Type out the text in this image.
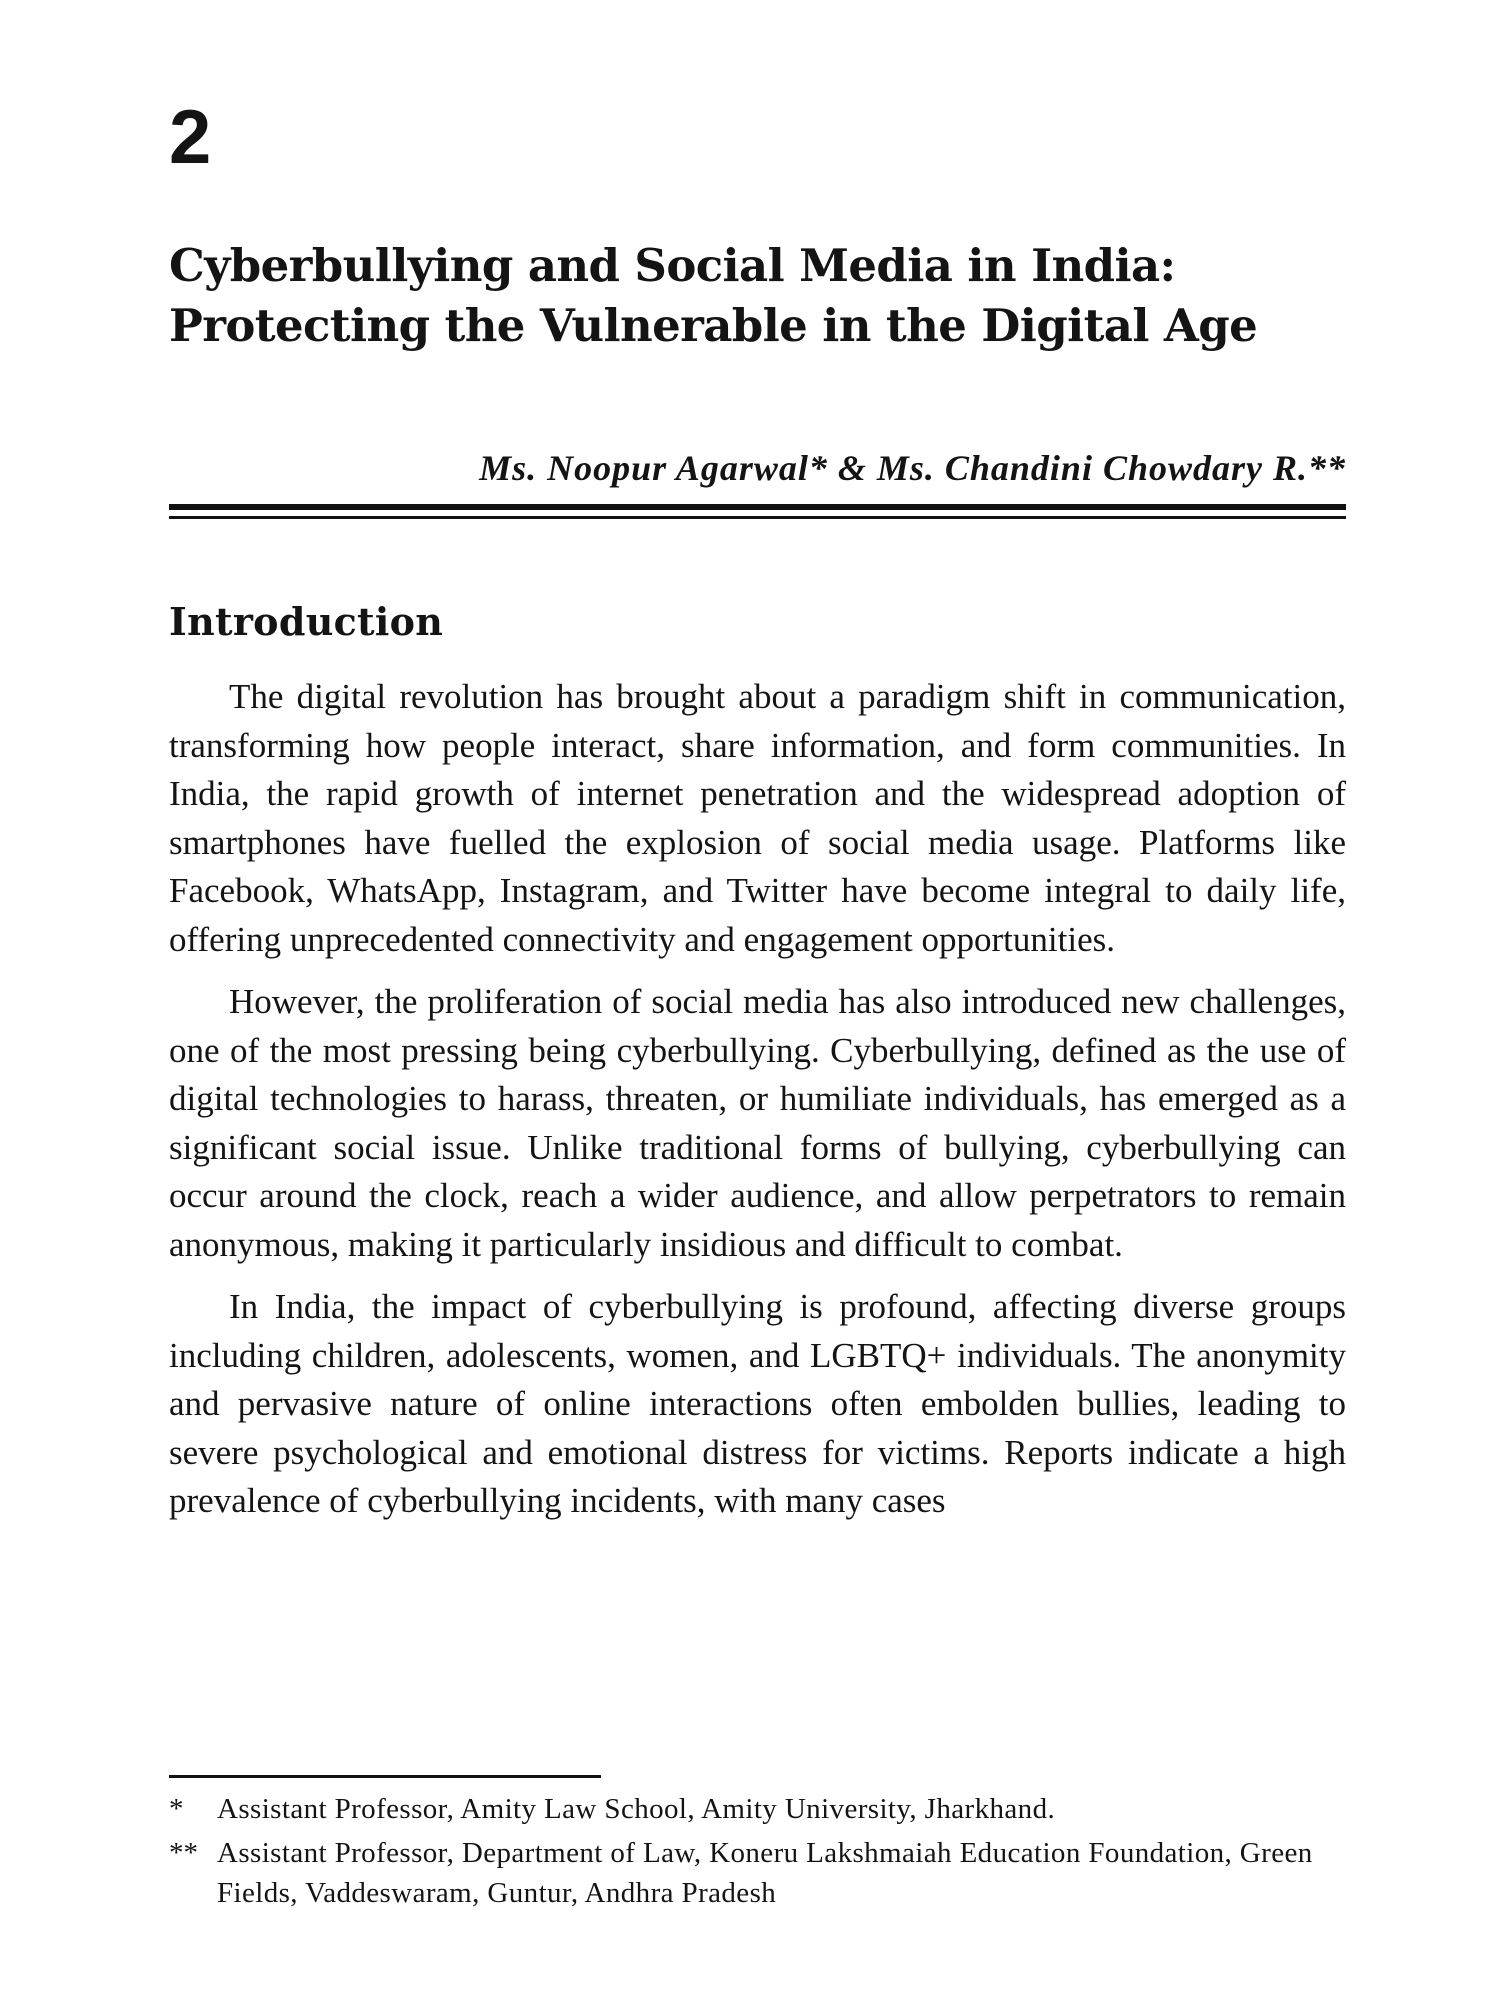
2
Cyberbullying and Social Media in India: Protecting the Vulnerable in the Digital Age

Ms. Noopur Agarwal* & Ms. Chandini Chowdary R.**

Introduction

The digital revolution has brought about a paradigm shift in communication, transforming how people interact, share information, and form communities. In India, the rapid growth of internet penetration and the widespread adoption of smartphones have fuelled the explosion of social media usage. Platforms like Facebook, WhatsApp, Instagram, and Twitter have become integral to daily life, offering unprecedented connectivity and engagement opportunities.

However, the proliferation of social media has also introduced new challenges, one of the most pressing being cyberbullying. Cyberbullying, defined as the use of digital technologies to harass, threaten, or humiliate individuals, has emerged as a significant social issue. Unlike traditional forms of bullying, cyberbullying can occur around the clock, reach a wider audience, and allow perpetrators to remain anonymous, making it particularly insidious and difficult to combat.

In India, the impact of cyberbullying is profound, affecting diverse groups including children, adolescents, women, and LGBTQ+ individuals. The anonymity and pervasive nature of online interactions often embolden bullies, leading to severe psychological and emotional distress for victims. Reports indicate a high prevalence of cyberbullying incidents, with many cases

*	Assistant Professor, Amity Law School, Amity University, Jharkhand.
** Assistant Professor, Department of Law, Koneru Lakshmaiah Education Foundation, Green Fields, Vaddeswaram, Guntur, Andhra Pradesh
